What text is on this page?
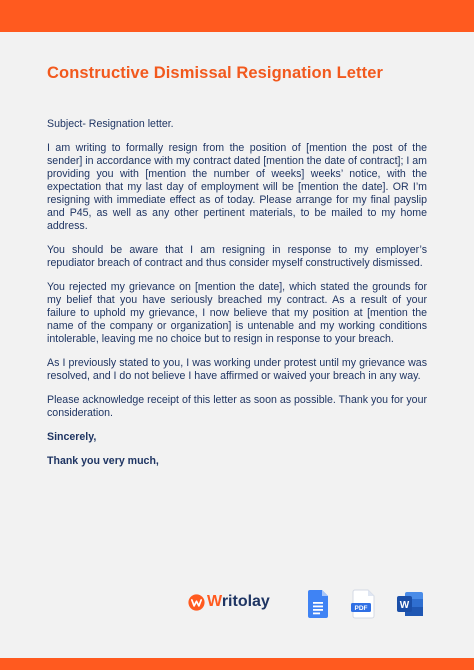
Constructive Dismissal Resignation Letter

Subject- Resignation letter.

I am writing to formally resign from the position of [mention the post of the sender] in accordance with my contract dated [mention the date of contract]; I am providing you with [mention the number of weeks] weeks’ notice, with the expectation that my last day of employment will be [mention the date]. OR I’m resigning with immediate effect as of today. Please arrange for my final payslip and P45, as well as any other pertinent materials, to be mailed to my home address.

You should be aware that I am resigning in response to my employer’s repudiator breach of contract and thus consider myself constructively dismissed.

You rejected my grievance on [mention the date], which stated the grounds for my belief that you have seriously breached my contract. As a result of your failure to uphold my grievance, I now believe that my position at [mention the name of the company or organization] is untenable and my working conditions intolerable, leaving me no choice but to resign in response to your breach.

As I previously stated to you, I was working under protest until my grievance was resolved, and I do not believe I have affirmed or waived your breach in any way.

Please acknowledge receipt of this letter as soon as possible. Thank you for your consideration.

Sincerely,

Thank you very much,

Writolay	PDF	W
